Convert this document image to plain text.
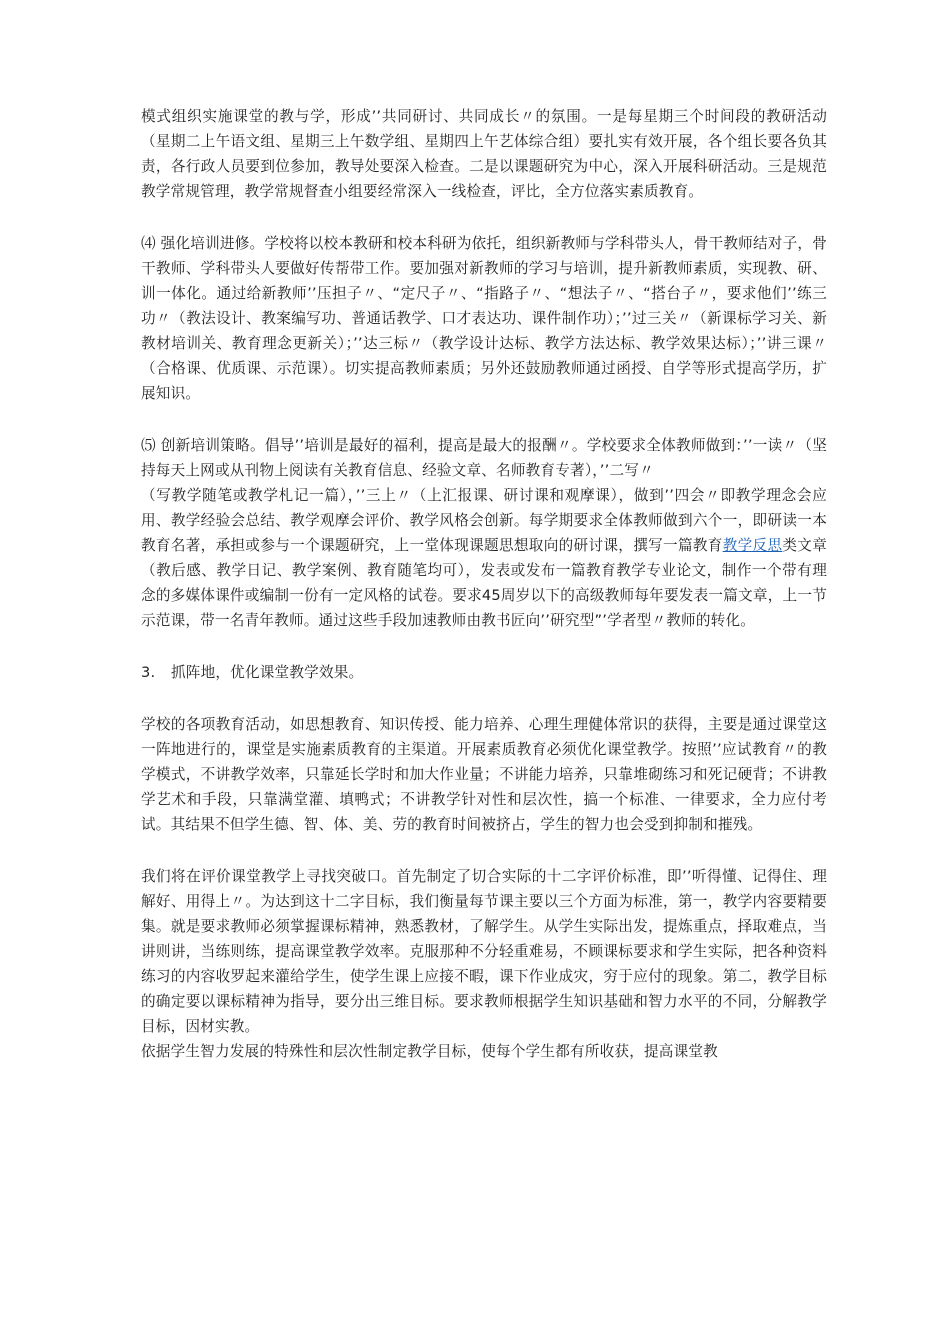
模式组织实施课堂的教与学，形成’’共同研讨、共同成长〃的氛围。一是每星期三个时间段的教研活动（星期二上午语文组、星期三上午数学组、星期四上午艺体综合组）要扎实有效开展，各个组长要各负其责，各行政人员要到位参加，教导处要深入检查。二是以课题研究为中心，深入开展科研活动。三是规范教学常规管理，教学常规督查小组要经常深入一线检查，评比，全方位落实素质教育。

⑷ 强化培训进修。学校将以校本教研和校本科研为依托，组织新教师与学科带头人，骨干教师结对子，骨干教师、学科带头人要做好传帮带工作。要加强对新教师的学习与培训，提升新教师素质，实现教、研、训一体化。通过给新教师’’压担子〃、“定尺子〃、“指路子〃、“想法子〃、“搭台子〃，要求他们’’练三功〃（教法设计、教案编写功、普通话教学、口才表达功、课件制作功）；’’过三关〃（新课标学习关、新教材培训关、教育理念更新关）；’’达三标〃（教学设计达标、教学方法达标、教学效果达标）；’’讲三课〃（合格课、优质课、示范课）。切实提高教师素质；另外还鼓励教师通过函授、自学等形式提高学历，扩展知识。

⑸ 创新培训策略。倡导’’培训是最好的福利，提高是最大的报酬〃。学校要求全体教师做到：’’一读〃（坚持每天上网或从刊物上阅读有关教育信息、经验文章、名师教育专著），’’二写〃
（写教学随笔或教学札记一篇），’’三上〃（上汇报课、研讨课和观摩课），做到’’四会〃即教学理念会应用、教学经验会总结、教学观摩会评价、教学风格会创新。每学期要求全体教师做到六个一，即研读一本教育名著，承担或参与一个课题研究，上一堂体现课题思想取向的研讨课，撰写一篇教育教学反思类文章（教后感、教学日记、教学案例、教育随笔均可），发表或发布一篇教育教学专业论文，制作一个带有理念的多媒体课件或编制一份有一定风格的试卷。要求45周岁以下的高级教师每年要发表一篇文章，上一节示范课，带一名青年教师。通过这些手段加速教师由教书匠向’’研究型”’学者型〃教师的转化。

3. 抓阵地，优化课堂教学效果。

学校的各项教育活动，如思想教育、知识传授、能力培养、心理生理健体常识的获得，主要是通过课堂这一阵地进行的，课堂是实施素质教育的主渠道。开展素质教育必须优化课堂教学。按照’’应试教育〃的教学模式，不讲教学效率，只靠延长学时和加大作业量；不讲能力培养，只靠堆砌练习和死记硬背；不讲教学艺术和手段，只靠满堂灌、填鸭式；不讲教学针对性和层次性，搞一个标准、一律要求，全力应付考试。其结果不但学生德、智、体、美、劳的教育时间被挤占，学生的智力也会受到抑制和摧残。

我们将在评价课堂教学上寻找突破口。首先制定了切合实际的十二字评价标准，即’’听得懂、记得住、理解好、用得上〃。为达到这十二字目标，我们衡量每节课主要以三个方面为标准，第一，教学内容要精要集。就是要求教师必须掌握课标精神，熟悉教材，了解学生。从学生实际出发，提炼重点，择取难点，当讲则讲，当练则练，提高课堂教学效率。克服那种不分轻重难易，不顾课标要求和学生实际，把各种资料练习的内容收罗起来灌给学生，使学生课上应接不暇，课下作业成灾，穷于应付的现象。第二，教学目标的确定要以课标精神为指导，要分出三维目标。要求教师根据学生知识基础和智力水平的不同，分解教学目标，因材实教。

依据学生智力发展的特殊性和层次性制定教学目标，使每个学生都有所收获，提高课堂教
